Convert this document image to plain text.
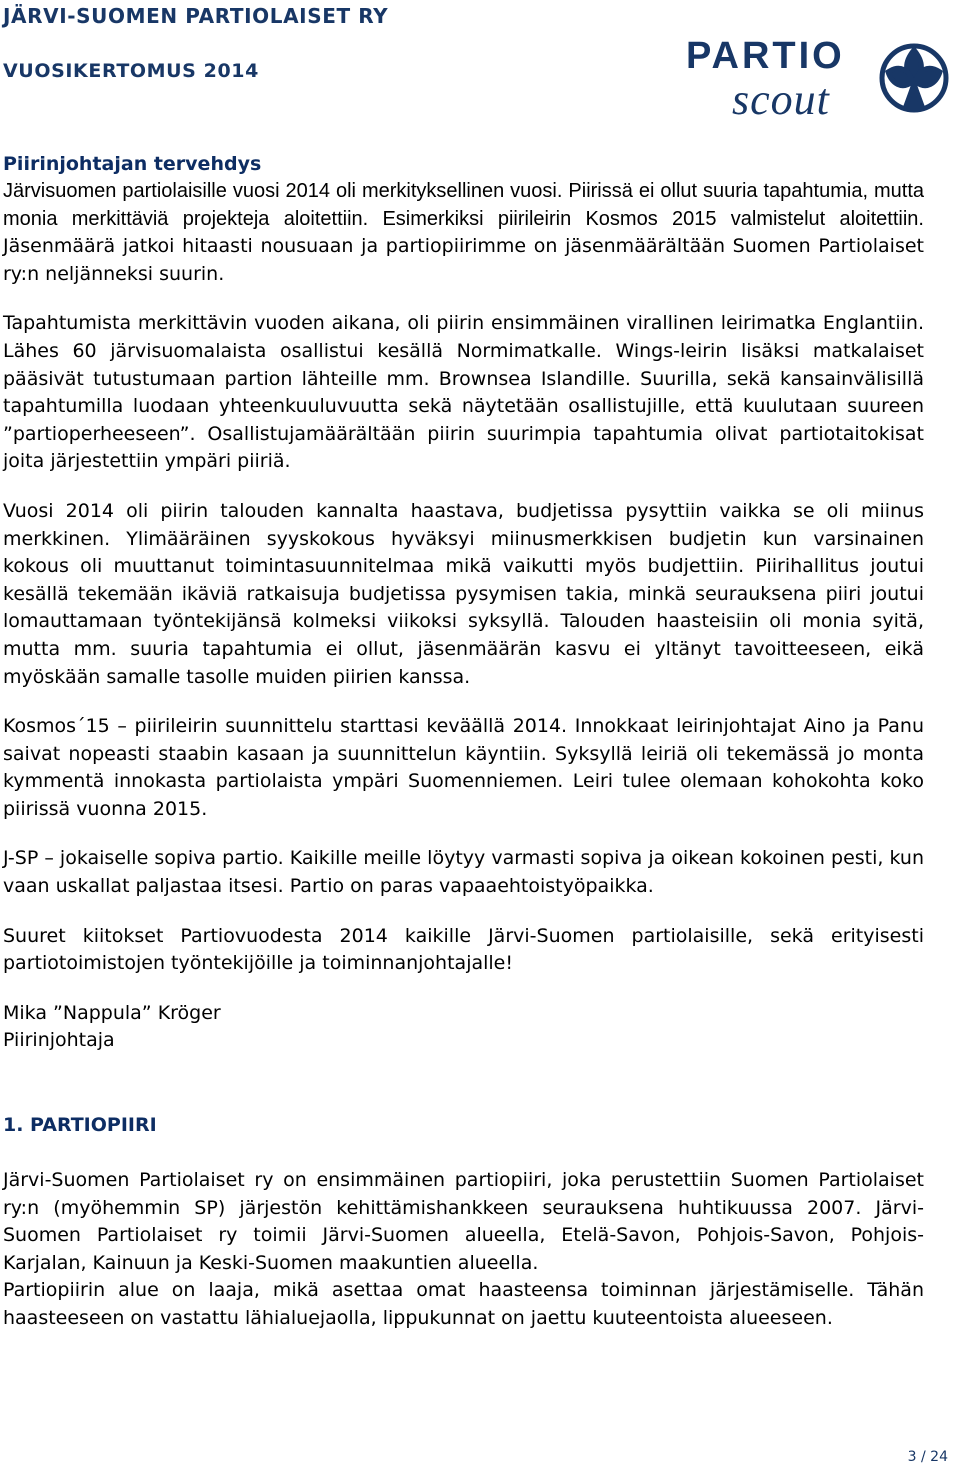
JÄRVI-SUOMEN PARTIOLAISET RY
VUOSIKERTOMUS 2014	PARTIO
scout

Piirinjohtajan tervehdys

Järvisuomen partiolaisille vuosi 2014 oli merkityksellinen vuosi. Piirissä ei ollut suuria tapahtumia, mutta monia merkittäviä projekteja aloitettiin. Esimerkiksi piirileirin Kosmos 2015 valmistelut aloitettiin. Jäsenmäärä jatkoi hitaasti nousuaan ja partiopiirimme on jäsenmäärältään Suomen Partiolaiset ry:n neljänneksi suurin.

Tapahtumista merkittävin vuoden aikana, oli piirin ensimmäinen virallinen leirimatka Englantiin. Lähes 60 järvisuomalaista osallistui kesällä Normimatkalle. Wings-leirin lisäksi matkalaiset pääsivät tutustumaan partion lähteille mm. Brownsea Islandille. Suurilla, sekä kansainvälisillä tapahtumilla luodaan yhteenkuuluvuutta sekä näytetään osallistujille, että kuulutaan suureen ”partioperheeseen”. Osallistujamäärältään piirin suurimpia tapahtumia olivat partiotaitokisat joita järjestettiin ympäri piiriä.

Vuosi 2014 oli piirin talouden kannalta haastava, budjetissa pysyttiin vaikka se oli miinus merkkinen. Ylimääräinen syyskokous hyväksyi miinusmerkkisen budjetin kun varsinainen kokous oli muuttanut toimintasuunnitelmaa mikä vaikutti myös budjettiin. Piirihallitus joutui kesällä tekemään ikäviä ratkaisuja budjetissa pysymisen takia, minkä seurauksena piiri joutui lomauttamaan työntekijänsä kolmeksi viikoksi syksyllä. Talouden haasteisiin oli monia syitä, mutta mm. suuria tapahtumia ei ollut, jäsenmäärän kasvu ei yltänyt tavoitteeseen, eikä myöskään samalle tasolle muiden piirien kanssa.

Kosmos´15 – piirileirin suunnittelu starttasi keväällä 2014. Innokkaat leirinjohtajat Aino ja Panu saivat nopeasti staabin kasaan ja suunnittelun käyntiin. Syksyllä leiriä oli tekemässä jo monta kymmentä innokasta partiolaista ympäri Suomenniemen. Leiri tulee olemaan kohokohta koko piirissä vuonna 2015.

J-SP – jokaiselle sopiva partio. Kaikille meille löytyy varmasti sopiva ja oikean kokoinen pesti, kun vaan uskallat paljastaa itsesi. Partio on paras vapaaehtoistyöpaikka.

Suuret kiitokset Partiovuodesta 2014 kaikille Järvi-Suomen partiolaisille, sekä erityisesti partiotoimistojen työntekijöille ja toiminnanjohtajalle!

Mika ”Nappula” Kröger

Piirinjohtaja

1. PARTIOPIIRI

Järvi-Suomen Partiolaiset ry on ensimmäinen partiopiiri, joka perustettiin Suomen Partiolaiset ry:n (myöhemmin SP) järjestön kehittämishankkeen seurauksena huhtikuussa 2007. Järvi-Suomen Partiolaiset ry toimii Järvi-Suomen alueella, Etelä-Savon, Pohjois-Savon, Pohjois-Karjalan, Kainuun ja Keski-Suomen maakuntien alueella.

Partiopiirin alue on laaja, mikä asettaa omat haasteensa toiminnan järjestämiselle. Tähän haasteeseen on vastattu lähialuejaolla, lippukunnat on jaettu kuuteentoista alueeseen.

3 / 24
